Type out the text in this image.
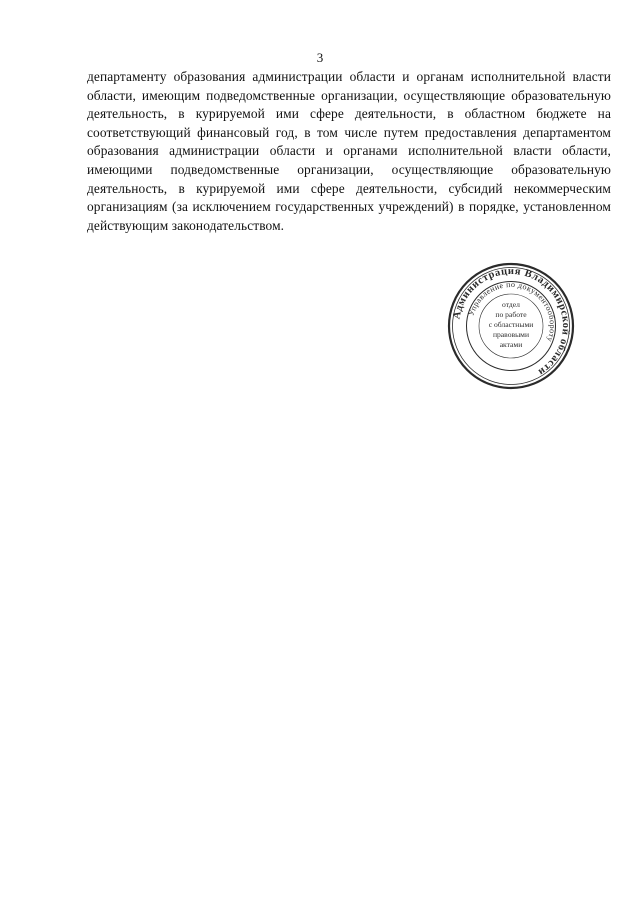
3

департаменту образования администрации области и органам исполнительной власти области, имеющим подведомственные организации, осуществляющие образовательную деятельность, в курируемой ими сфере деятельности, в областном бюджете на соответствующий финансовый год, в том числе путем предоставления департаментом образования администрации области и органами исполнительной власти области, имеющими подведомственные организации, осуществляющие образовательную деятельность, в курируемой ими сфере деятельности, субсидий некоммерческим организациям (за исключением государственных учреждений) в порядке, установленном действующим законодательством.

Администрация Владимирской области
Управление по документообороту
отдел
по работе
с областными
правовыми
актами
